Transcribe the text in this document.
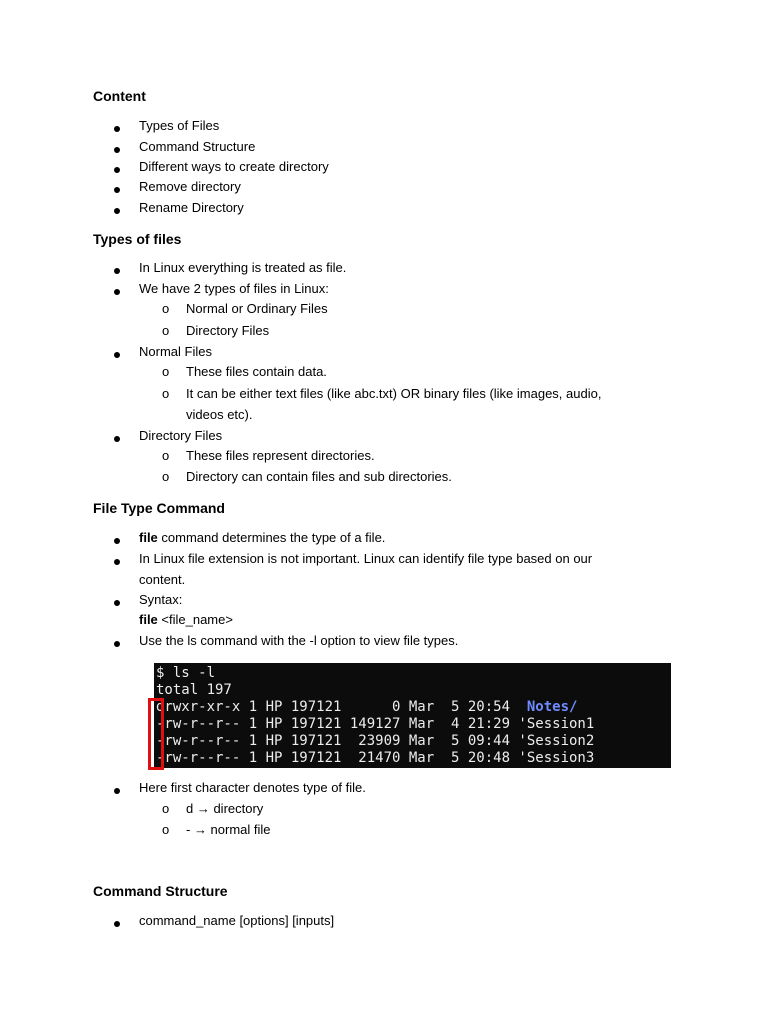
Content

Types of Files

Command Structure

Different ways to create directory

Remove directory

Rename Directory

Types of files

In Linux everything is treated as file.

We have 2 types of files in Linux:

o Normal or Ordinary Files

o Directory Files

Normal Files

o These files contain data.

o It can be either text files (like abc.txt) OR binary files (like images, audio,

videos etc).

Directory Files

o These files represent directories.

o Directory can contain files and sub directories.

File Type Command

file command determines the type of a file.

In Linux file extension is not important. Linux can identify file type based on our

content.

Syntax:

file <file_name>

Use the ls command with the -l option to view file types.

$ ls -l

total 197

drwxr-xr-x 1 HP 197121      0 Mar  5 20:54  Notes/

-rw-r--r-- 1 HP 197121 149127 Mar  4 21:29 'Session1

-rw-r--r-- 1 HP 197121  23909 Mar  5 09:44 'Session2

-rw-r--r-- 1 HP 197121  21470 Mar  5 20:48 'Session3

Here first character denotes type of file.

o d → directory

o - → normal file

Command Structure

command_name [options] [inputs]
